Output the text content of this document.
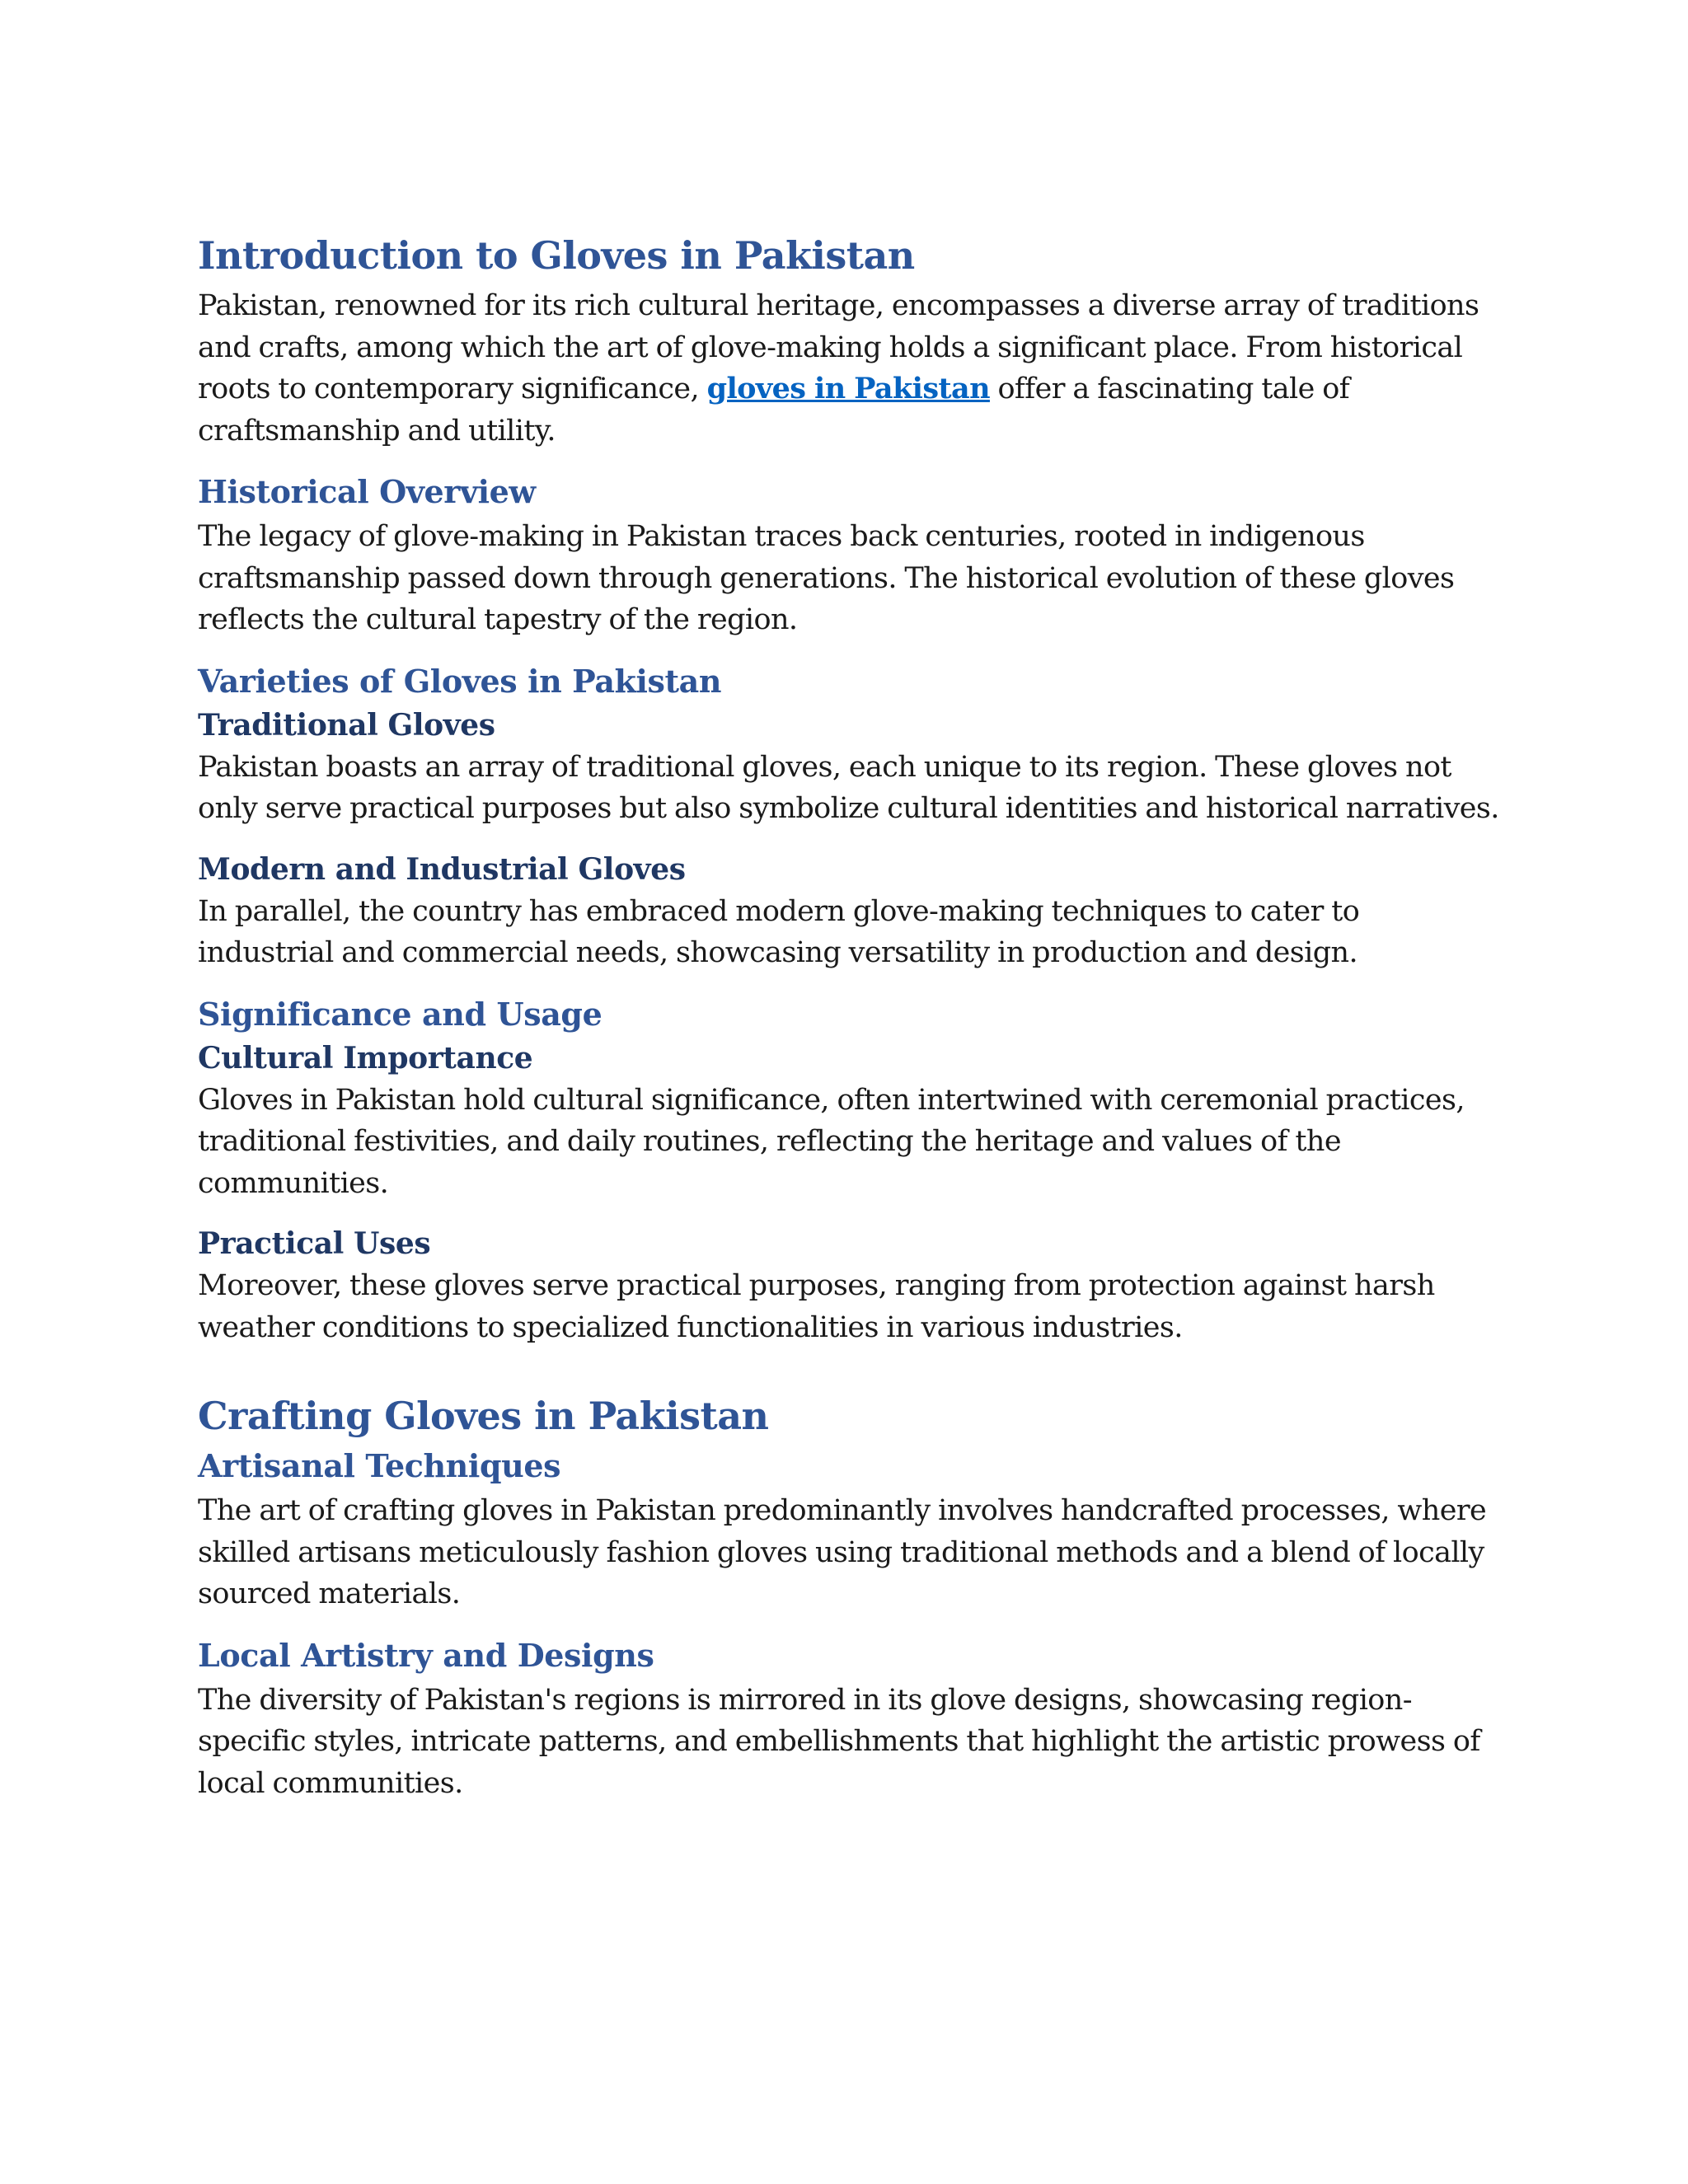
Introduction to Gloves in Pakistan

Pakistan, renowned for its rich cultural heritage, encompasses a diverse array of traditions and crafts, among which the art of glove-making holds a significant place. From historical roots to contemporary significance, gloves in Pakistan offer a fascinating tale of craftsmanship and utility.

Historical Overview

The legacy of glove-making in Pakistan traces back centuries, rooted in indigenous craftsmanship passed down through generations. The historical evolution of these gloves reflects the cultural tapestry of the region.

Varieties of Gloves in Pakistan
Traditional Gloves

Pakistan boasts an array of traditional gloves, each unique to its region. These gloves not only serve practical purposes but also symbolize cultural identities and historical narratives.

Modern and Industrial Gloves

In parallel, the country has embraced modern glove-making techniques to cater to industrial and commercial needs, showcasing versatility in production and design.

Significance and Usage
Cultural Importance

Gloves in Pakistan hold cultural significance, often intertwined with ceremonial practices, traditional festivities, and daily routines, reflecting the heritage and values of the communities.

Practical Uses

Moreover, these gloves serve practical purposes, ranging from protection against harsh weather conditions to specialized functionalities in various industries.

Crafting Gloves in Pakistan
Artisanal Techniques

The art of crafting gloves in Pakistan predominantly involves handcrafted processes, where skilled artisans meticulously fashion gloves using traditional methods and a blend of locally sourced materials.

Local Artistry and Designs

The diversity of Pakistan's regions is mirrored in its glove designs, showcasing region-specific styles, intricate patterns, and embellishments that highlight the artistic prowess of local communities.
